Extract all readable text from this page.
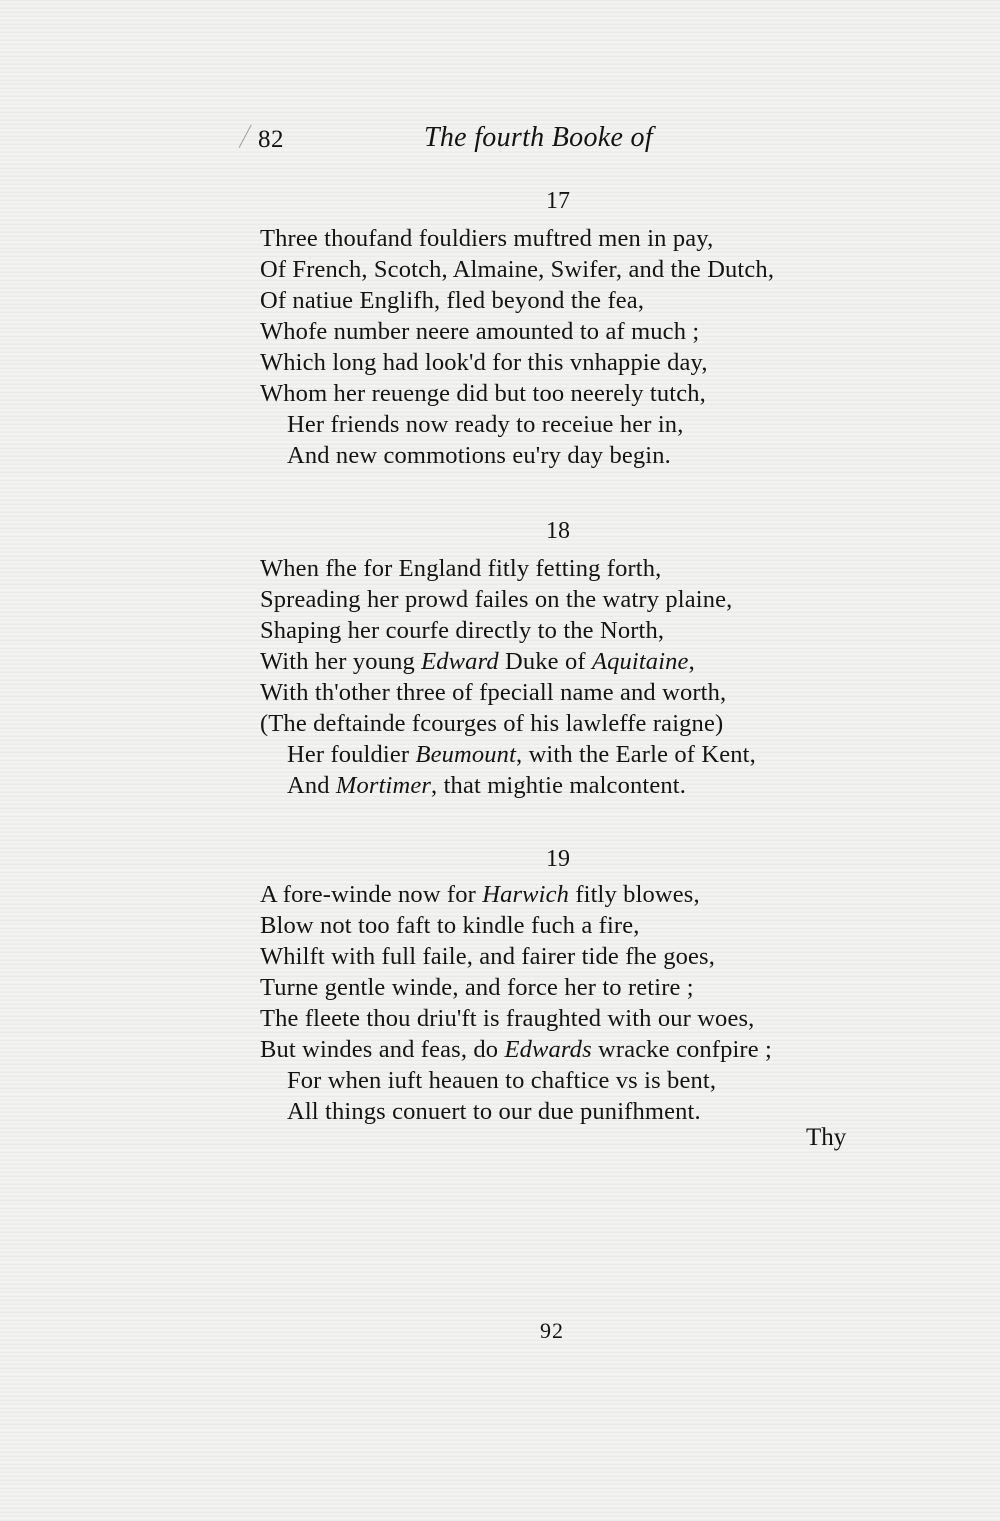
82	The fourth Booke of
17
Three thoufand fouldiers muftred men in pay,
Of French, Scotch, Almaine, Swifer, and the Dutch,
Of natiue Englifh, fled beyond the fea,
Whofe number neere amounted to af much ;
Which long had look'd for this vnhappie day,
Whom her reuenge did but too neerely tutch,
Her friends now ready to receiue her in,
And new commotions eu'ry day begin.
18
When fhe for England fitly fetting forth,
Spreading her prowd failes on the watry plaine,
Shaping her courfe directly to the North,
With her young Edward Duke of Aquitaine,
With th'other three of fpeciall name and worth,
(The deftainde fcourges of his lawleffe raigne)
Her fouldier Beumount, with the Earle of Kent,
And Mortimer, that mightie malcontent.
19
A fore-winde now for Harwich fitly blowes,
Blow not too faft to kindle fuch a fire,
Whilft with full faile, and fairer tide fhe goes,
Turne gentle winde, and force her to retire ;
The fleete thou driu'ft is fraughted with our woes,
But windes and feas, do Edwards wracke confpire ;
For when iuft heauen to chaftice vs is bent,
All things conuert to our due punifhment.
Thy
92
